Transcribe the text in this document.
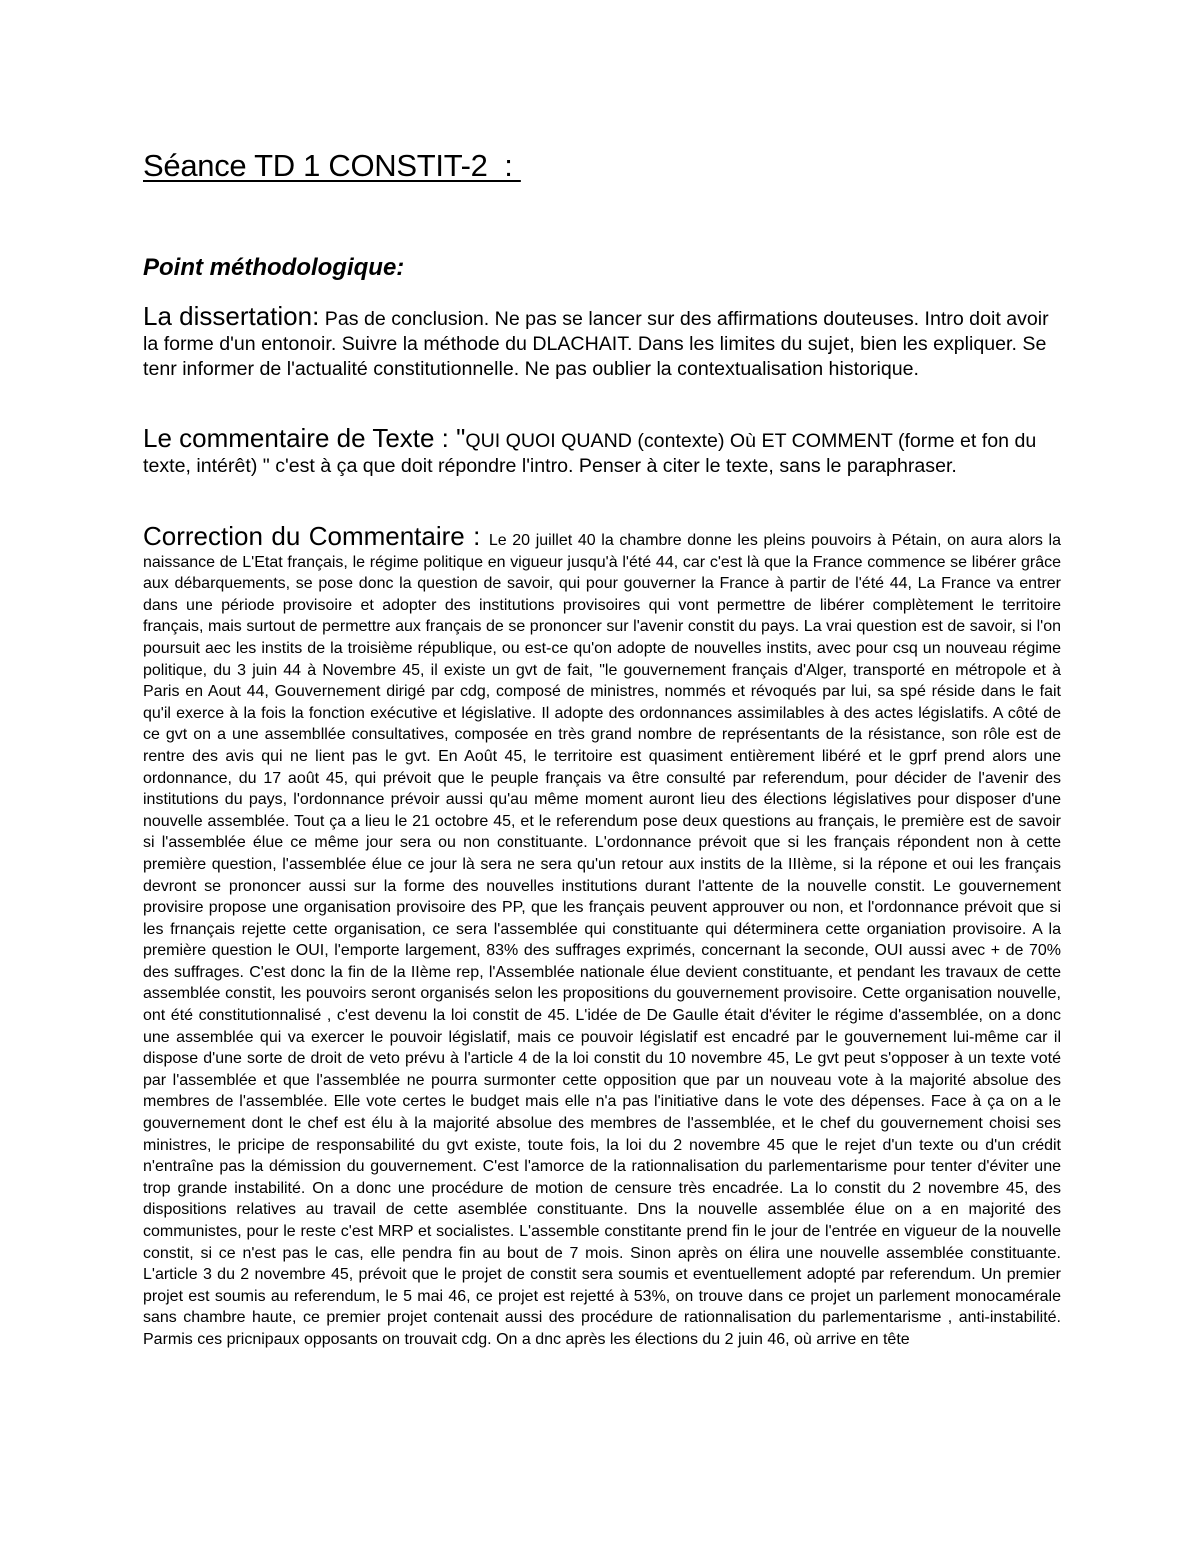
Séance TD 1 CONSTIT-2  :
Point méthodologique:

La dissertation: Pas de conclusion. Ne pas se lancer sur des affirmations douteuses. Intro doit avoir la forme d'un entonoir. Suivre la méthode du DLACHAIT. Dans les limites du sujet, bien les expliquer. Se tenr informer de l'actualité constitutionnelle. Ne pas oublier la contextualisation historique.

Le commentaire de Texte : "QUI QUOI QUAND (contexte) Où ET COMMENT (forme et fon du texte, intérêt) " c'est à ça que doit répondre l'intro. Penser à citer le texte, sans le paraphraser.

Correction du Commentaire : Le 20 juillet 40 la chambre donne les pleins pouvoirs à Pétain, on aura alors la naissance de L'Etat français, le régime politique en vigueur jusqu'à l'été 44, car c'est là que la France commence se libérer grâce aux débarquements, se pose donc la question de savoir, qui pour gouverner la France à partir de l'été 44, La France va entrer dans une période provisoire et adopter des institutions provisoires qui vont permettre de libérer complètement le territoire français, mais surtout de permettre aux français de se prononcer sur l'avenir constit du pays. La vrai question est de savoir, si l'on poursuit aec les instits de la troisième république, ou est-ce qu'on adopte de nouvelles instits, avec pour csq un nouveau régime politique, du 3 juin 44 à Novembre 45, il existe un gvt de fait, "le gouvernement français d'Alger, transporté en métropole et à Paris en Aout 44, Gouvernement dirigé par cdg, composé de ministres, nommés et révoqués par lui, sa spé réside dans le fait qu'il exerce à la fois la fonction exécutive et législative. Il adopte des ordonnances assimilables à des actes législatifs. A côté de ce gvt on a une assembllée consultatives, composée en très grand nombre de représentants de la résistance, son rôle est de rentre des avis qui ne lient pas le gvt. En Août 45, le territoire est quasiment entièrement libéré et le gprf prend alors une ordonnance, du 17 août 45, qui prévoit que le peuple français va être consulté par referendum, pour décider de l'avenir des institutions du pays, l'ordonnance prévoir aussi qu'au même moment auront lieu des élections législatives pour disposer d'une nouvelle assemblée. Tout ça a lieu le 21 octobre 45, et le referendum pose deux questions au français, le première est de savoir si l'assemblée élue ce même jour sera ou non constituante. L'ordonnance prévoit que si les français répondent non à cette première question, l'assemblée élue ce jour là sera ne sera qu'un retour aux instits de la IIIème, si la répone et oui les français devront se prononcer aussi sur la forme des nouvelles institutions durant l'attente de la nouvelle constit. Le gouvernement provisire propose une organisation provisoire des PP, que les français peuvent approuver ou non, et l'ordonnance prévoit que si les frnançais rejette cette organisation, ce sera l'assemblée qui constituante qui déterminera cette organiation provisoire. A la première question le OUI, l'emporte largement, 83% des suffrages exprimés, concernant la seconde, OUI aussi avec + de 70% des suffrages. C'est donc la fin de la IIème rep, l'Assemblée nationale élue devient constituante, et pendant les travaux de cette assemblée constit, les pouvoirs seront organisés selon les propositions du gouvernement provisoire. Cette organisation nouvelle, ont été constitutionnalisé , c'est devenu la loi constit de 45. L'idée de De Gaulle était d'éviter le régime d'assemblée, on a donc une assemblée qui va exercer le pouvoir législatif, mais ce pouvoir législatif est encadré par le gouvernement lui-même car il dispose d'une sorte de droit de veto prévu à l'article 4 de la loi constit du 10 novembre 45, Le gvt peut s'opposer à un texte voté par l'assemblée et que l'assemblée ne pourra surmonter cette opposition que par un nouveau vote à la majorité absolue des membres de l'assemblée. Elle vote certes le budget mais elle n'a pas l'initiative dans le vote des dépenses. Face à ça on a le gouvernement dont le chef est élu à la majorité absolue des membres de l'assemblée, et le chef du gouvernement choisi ses ministres, le pricipe de responsabilité du gvt existe, toute fois, la loi du 2 novembre 45 que le rejet d'un texte ou d'un crédit n'entraîne pas la démission du gouvernement. C'est l'amorce de la rationnalisation du parlementarisme pour tenter d'éviter une trop grande instabilité. On a donc une procédure de motion de censure très encadrée. La lo constit du 2 novembre 45, des dispositions relatives au travail de cette asemblée constituante. Dns la nouvelle assemblée élue on a en majorité des communistes, pour le reste c'est MRP et socialistes. L'assemble constitante prend fin le jour de l'entrée en vigueur de la nouvelle constit, si ce n'est pas le cas, elle pendra fin au bout de 7 mois. Sinon après on élira une nouvelle assemblée constituante. L'article 3 du 2 novembre 45, prévoit que le projet de constit sera soumis et eventuellement adopté par referendum. Un premier projet est soumis au referendum, le 5 mai 46, ce projet est rejetté à 53%, on trouve dans ce projet un parlement monocamérale sans chambre haute, ce premier projet contenait aussi des procédure de rationnalisation du parlementarisme , anti-instabilité. Parmis ces pricnipaux opposants on trouvait cdg. On a dnc après les élections du 2 juin 46, où arrive en tête
